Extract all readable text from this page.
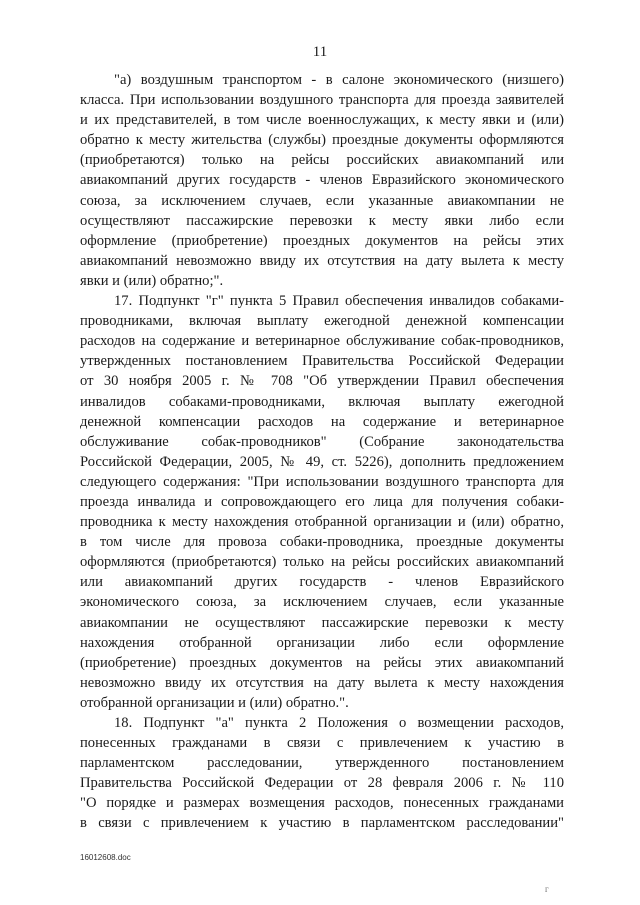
11
"а) воздушным транспортом - в салоне экономического (низшего)
класса. При использовании воздушного транспорта для проезда заявителей
и их представителей, в том числе военнослужащих, к месту явки и (или)
обратно к месту жительства (службы) проездные документы оформляются
(приобретаются) только на рейсы российских авиакомпаний или
авиакомпаний других государств - членов Евразийского экономического
союза, за исключением случаев, если указанные авиакомпании не
осуществляют пассажирские перевозки к месту явки либо если
оформление (приобретение) проездных документов на рейсы этих
авиакомпаний невозможно ввиду их отсутствия на дату вылета к месту
явки и (или) обратно;".
17. Подпункт "г" пункта 5 Правил обеспечения инвалидов собаками-
проводниками, включая выплату ежегодной денежной компенсации
расходов на содержание и ветеринарное обслуживание собак-проводников,
утвержденных постановлением Правительства Российской Федерации
от 30 ноября 2005 г. № 708 "Об утверждении Правил обеспечения
инвалидов собаками-проводниками, включая выплату ежегодной
денежной компенсации расходов на содержание и ветеринарное
обслуживание собак-проводников" (Собрание законодательства
Российской Федерации, 2005, № 49, ст. 5226), дополнить предложением
следующего содержания: "При использовании воздушного транспорта для
проезда инвалида и сопровождающего его лица для получения собаки-
проводника к месту нахождения отобранной организации и (или) обратно,
в том числе для провоза собаки-проводника, проездные документы
оформляются (приобретаются) только на рейсы российских авиакомпаний
или авиакомпаний других государств - членов Евразийского
экономического союза, за исключением случаев, если указанные
авиакомпании не осуществляют пассажирские перевозки к месту
нахождения отобранной организации либо если оформление
(приобретение) проездных документов на рейсы этих авиакомпаний
невозможно ввиду их отсутствия на дату вылета к месту нахождения
отобранной организации и (или) обратно.".
18. Подпункт "а" пункта 2 Положения о возмещении расходов,
понесенных гражданами в связи с привлечением к участию в
парламентском расследовании, утвержденного постановлением
Правительства Российской Федерации от 28 февраля 2006 г. № 110
"О порядке и размерах возмещения расходов, понесенных гражданами
в связи с привлечением к участию в парламентском расследовании"
16012608.doc
г
